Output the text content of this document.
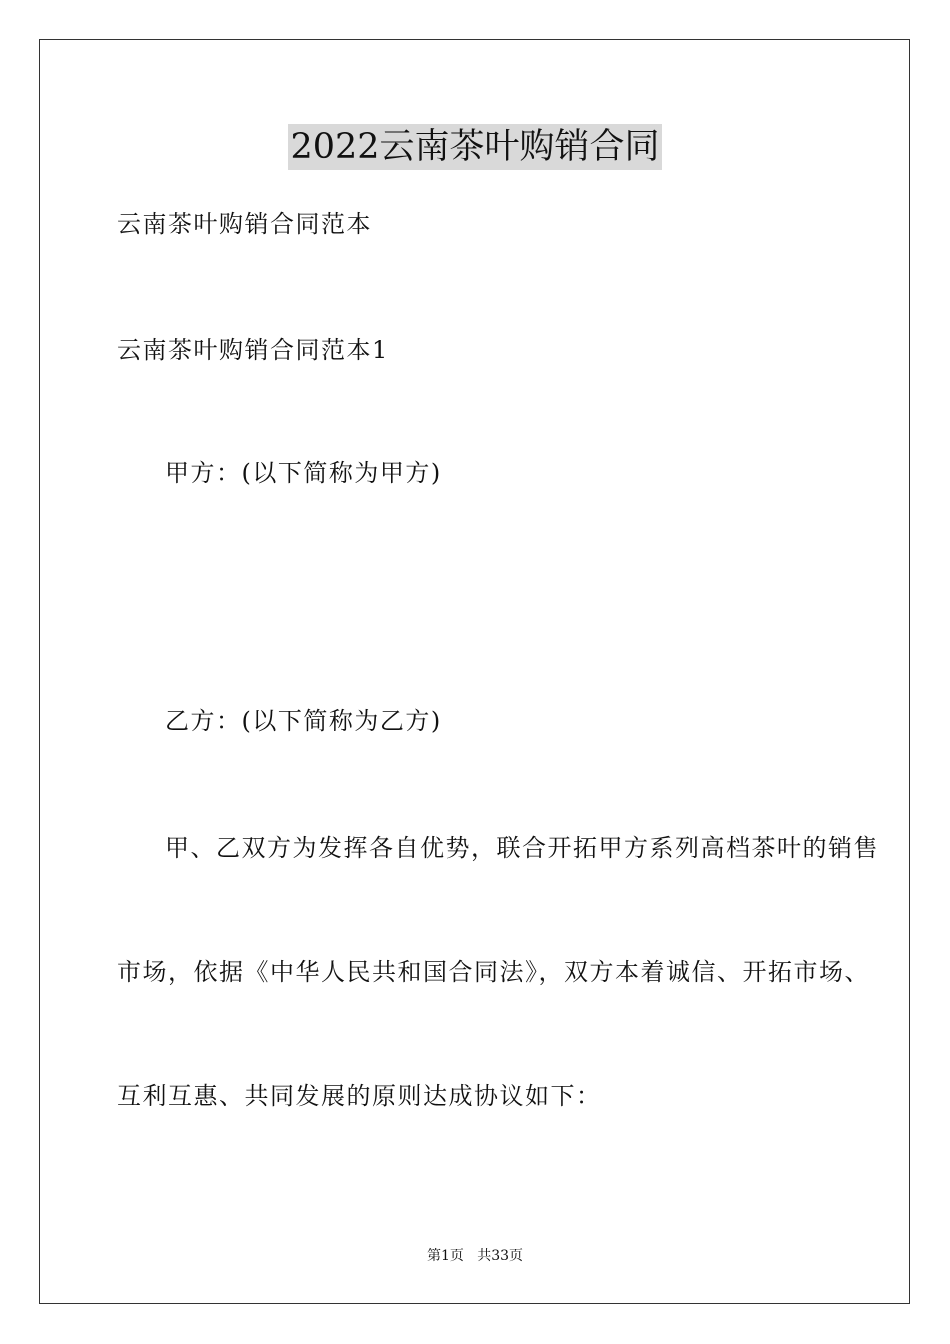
2022云南茶叶购销合同
云南茶叶购销合同范本
云南茶叶购销合同范本1
甲方：(以下简称为甲方)
乙方：(以下简称为乙方)
甲、乙双方为发挥各自优势，联合开拓甲方系列高档茶叶的销售
市场，依据《中华人民共和国合同法》，双方本着诚信、开拓市场、
互利互惠、共同发展的原则达成协议如下：
第1页   共33页
